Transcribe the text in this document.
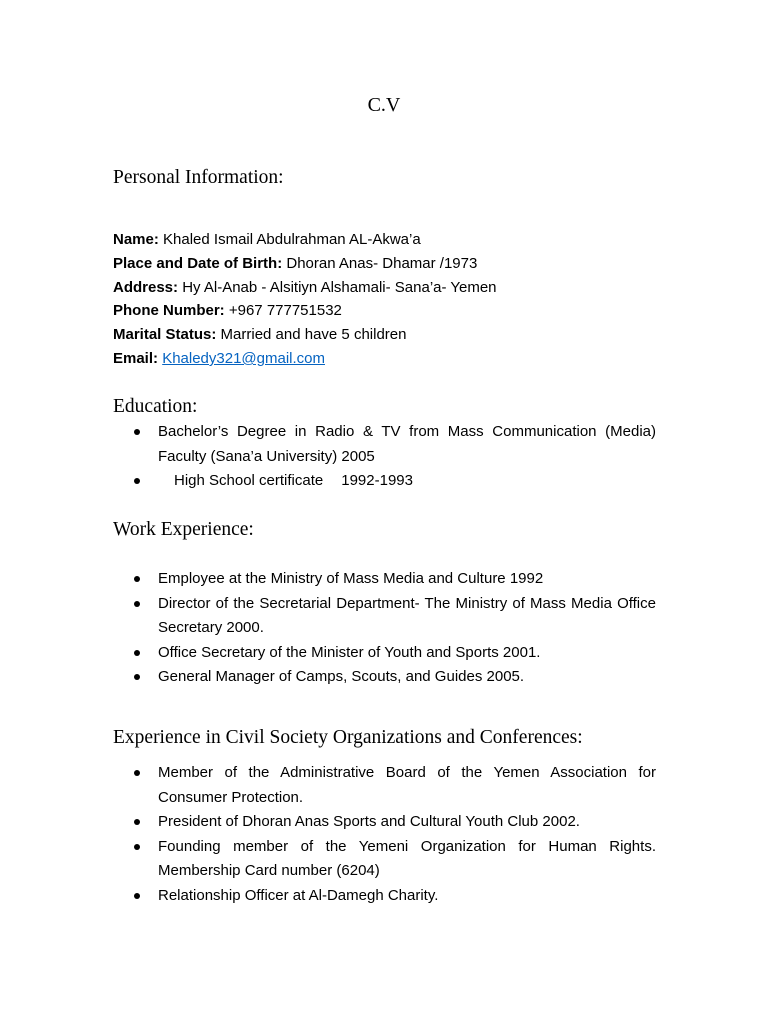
C.V
Personal Information:
Name: Khaled Ismail Abdulrahman AL-Akwa’a
Place and Date of Birth: Dhoran Anas- Dhamar /1973
Address: Hy Al-Anab - Alsitiyn Alshamali- Sana’a- Yemen
Phone Number: +967 777751532
Marital Status: Married and have 5 children
Email: Khaledy321@gmail.com
Education:
Bachelor’s Degree in Radio & TV from Mass Communication (Media) Faculty (Sana’a University) 2005
High School certificate 1992-1993
Work Experience:
Employee at the Ministry of Mass Media and Culture 1992
Director of the Secretarial Department- The Ministry of Mass Media Office Secretary 2000.
Office Secretary of the Minister of Youth and Sports 2001.
General Manager of Camps, Scouts, and Guides 2005.
Experience in Civil Society Organizations and Conferences:
Member of the Administrative Board of the Yemen Association for Consumer Protection.
President of Dhoran Anas Sports and Cultural Youth Club 2002.
Founding member of the Yemeni Organization for Human Rights. Membership Card number (6204)
Relationship Officer at Al-Damegh Charity.
